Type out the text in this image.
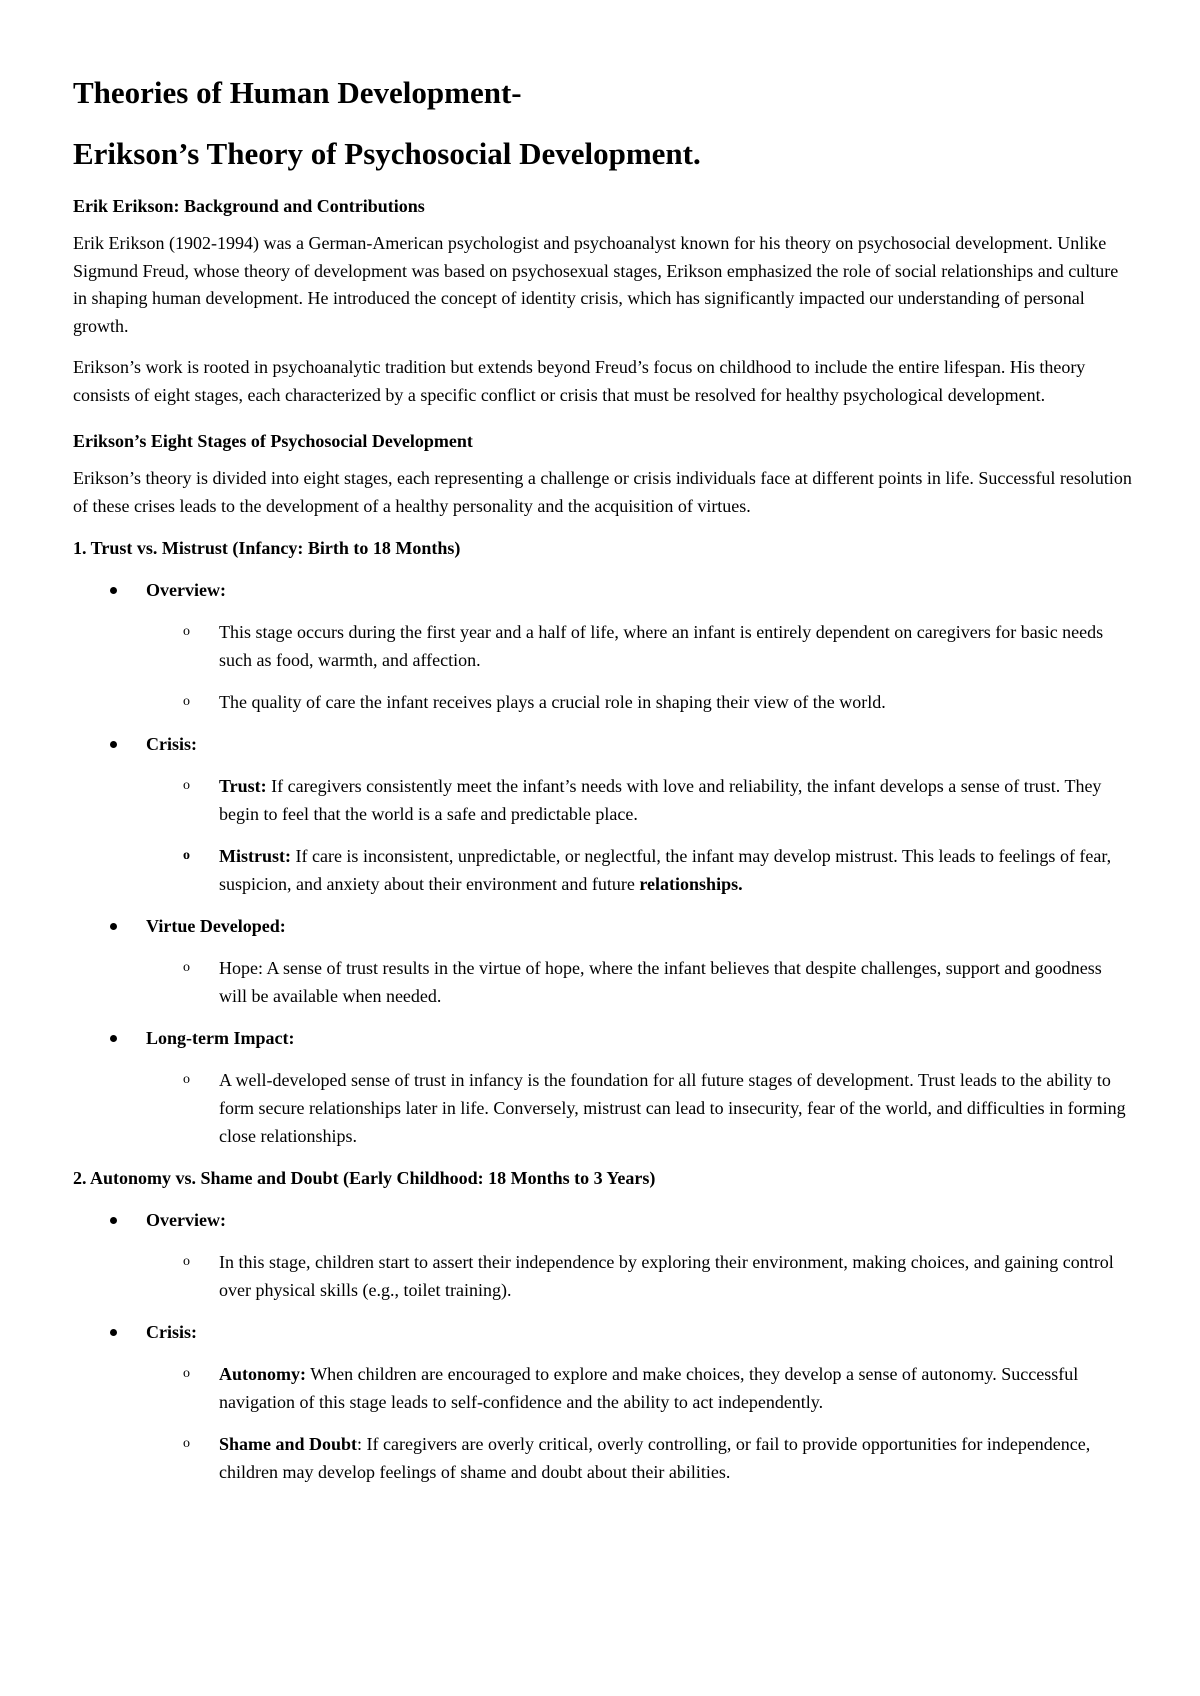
Theories of Human Development-
Erikson’s Theory of Psychosocial Development.
Erik Erikson: Background and Contributions

Erik Erikson (1902-1994) was a German-American psychologist and psychoanalyst known for his theory on psychosocial development. Unlike Sigmund Freud, whose theory of development was based on psychosexual stages, Erikson emphasized the role of social relationships and culture in shaping human development. He introduced the concept of identity crisis, which has significantly impacted our understanding of personal growth.

Erikson’s work is rooted in psychoanalytic tradition but extends beyond Freud’s focus on childhood to include the entire lifespan. His theory consists of eight stages, each characterized by a specific conflict or crisis that must be resolved for healthy psychological development.

Erikson’s Eight Stages of Psychosocial Development

Erikson’s theory is divided into eight stages, each representing a challenge or crisis individuals face at different points in life. Successful resolution of these crises leads to the development of a healthy personality and the acquisition of virtues.

1. Trust vs. Mistrust (Infancy: Birth to 18 Months)
Overview:
o This stage occurs during the first year and a half of life, where an infant is entirely dependent on caregivers for basic needs such as food, warmth, and affection.
o The quality of care the infant receives plays a crucial role in shaping their view of the world.
Crisis:
o Trust: If caregivers consistently meet the infant’s needs with love and reliability, the infant develops a sense of trust. They begin to feel that the world is a safe and predictable place.
o Mistrust: If care is inconsistent, unpredictable, or neglectful, the infant may develop mistrust. This leads to feelings of fear, suspicion, and anxiety about their environment and future relationships.
Virtue Developed:
o Hope: A sense of trust results in the virtue of hope, where the infant believes that despite challenges, support and goodness will be available when needed.
Long-term Impact:
o A well-developed sense of trust in infancy is the foundation for all future stages of development. Trust leads to the ability to form secure relationships later in life. Conversely, mistrust can lead to insecurity, fear of the world, and difficulties in forming close relationships.
2. Autonomy vs. Shame and Doubt (Early Childhood: 18 Months to 3 Years)
Overview:
o In this stage, children start to assert their independence by exploring their environment, making choices, and gaining control over physical skills (e.g., toilet training).
Crisis:
o Autonomy: When children are encouraged to explore and make choices, they develop a sense of autonomy. Successful navigation of this stage leads to self-confidence and the ability to act independently.
o Shame and Doubt: If caregivers are overly critical, overly controlling, or fail to provide opportunities for independence, children may develop feelings of shame and doubt about their abilities.
